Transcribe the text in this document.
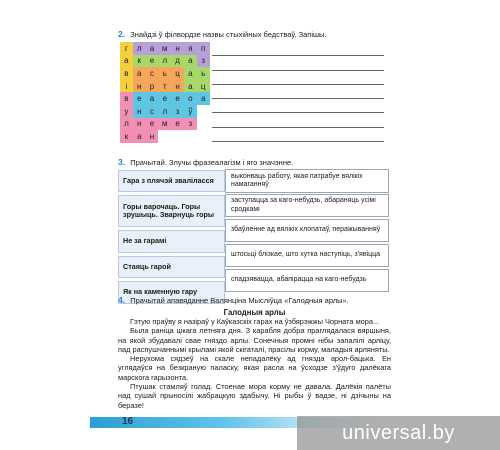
2. Знайдзі ў філвордзе назвы стыхійных бедстваў. Запішы.
г	л	а м н	я	п
а	к	е	л	д	а	з
в	а	с	ь	ц	а	ь
і	н	р	т	н	а	ц
в	е	а	е	е	о	а
у	н	с	л	з	ў
л	н	е м е	з
к	а	н
3. Прачытай. Злучы фразеалагізм і яго значэнне.
Гара з плячэй зваліласся
Горы варочаць. Горы зрушыць. Зварнуць горы
Не за гарамі
Стаяць гарой
Як на каменную гару
выконваць работу, якая патрабуе вялікіх намаганняў
заступацца за каго-небудзь, абараняць усімі сродкамі
збаўленне ад вялікіх клопатаў, перажыванняў
штосьці блізкае, што хутка наступіць, з'явіцца
спадзявацца, абапірацца на каго-небудзь
4. Прачытай апавяданне Валянціна Мысліўца «Галодныя арлы».
Галодныя арлы

Гэтую праўву я назіраў у Каўказскіх гарах на ўзбярэжжы Чорната мора...

Была раніца цікага летняга дня. З карабля добра праглядалася вяршыня, на якой збудавалі свае гняздо арлы. Сонечныя промні нібы запалілі арліцу, пад распушчаннымі крыламі якой скігаталі, прасілы корму, маладыя арляняты.

Нерухома сядзеў на скале непадалёку ад гнязда арол-бацька. Ен углядаўся на безкраную паласку, якая расла на ўсходзе з'ўдуго далёкага марскога гарызонта.

Птушак стамляў голад. Стоенае мора корму не давала. Далёкія палёты над сушай прыносілі жабрацкую здабычу. Ні рыбы ў вадзе, ні дзічыны на беразе!

16	universal.by
